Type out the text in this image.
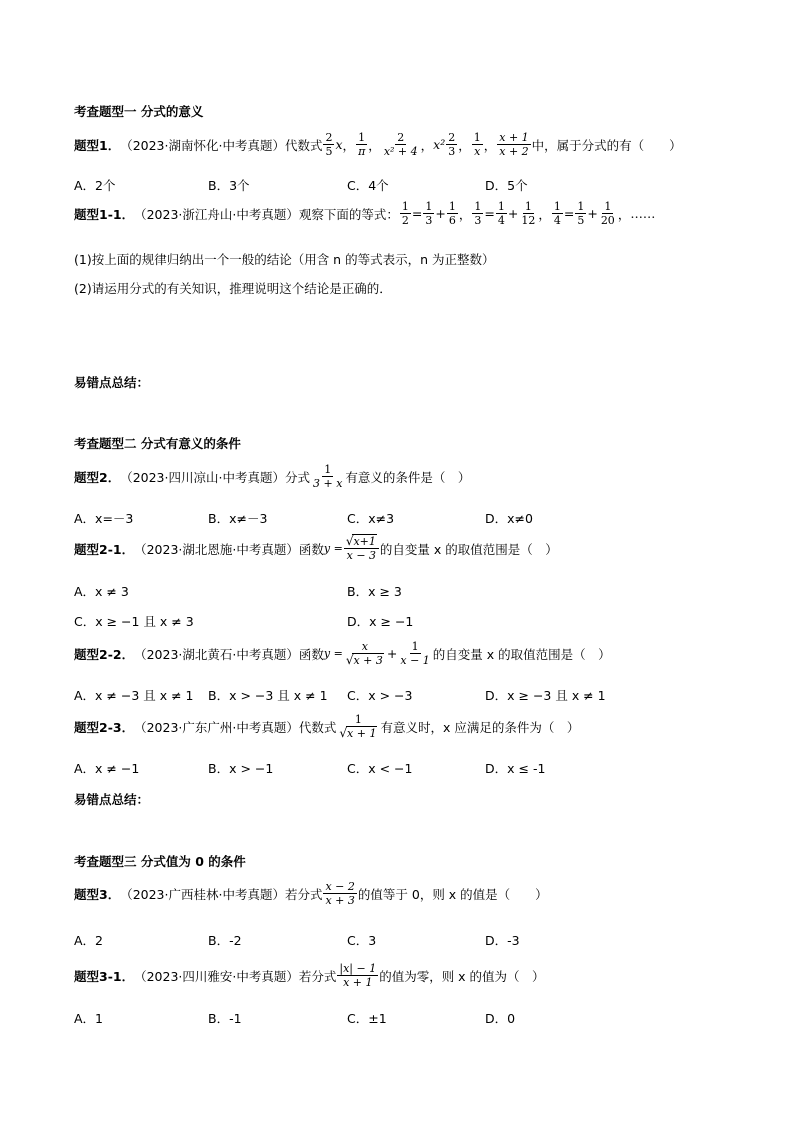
考查题型一 分式的意义
题型1． （2023·湖南怀化·中考真题） 代数式 $\frac{2}{5}$ x ， $\frac{1}{\pi}$ ， $\frac{2}{\text{x² + 4}}$ ， $x^2 \frac{2}{3}$ ， $\frac{1}{x}$ ， $\frac{x + 1}{x + 2}$ 中，属于分式的有（　　）
A．2个	B．3个	C．4个	D．5个
题型1-1． （2023·浙江舟山·中考真题） 观察下面的等式： $\frac{1}{2} = \frac{1}{3} + \frac{1}{6}$ ， $\frac{1}{3} = \frac{1}{4} + \frac{1}{12}$ ， $\frac{1}{4} = \frac{1}{5} + \frac{1}{20}$ ， ……
(1)按上面的规律归纳出一个一般的结论（用含 n 的等式表示，n 为正整数）
(2)请运用分式的有关知识，推理说明这个结论是正确的．
易错点总结：
考查题型二 分式有意义的条件
题型2． （2023·四川凉山·中考真题） 分式 $\frac{1}{3 + x}$ 有意义的条件是（　）
A．x=－3	B．x≠－3	C．x≠3	D．x≠0
题型2-1． （2023·湖北恩施·中考真题） 函数 $y = \frac{√x+1}{x - 3}$ 的自变量 x 的取值范围是（　）
A．x ≠ 3	B．x ≥ 3
C．x ≥ −1 且 x ≠ 3	D．x ≥ −1
题型2-2． （2023·湖北黄石·中考真题） 函数 $y = \frac{x}{√x + 3} + \frac{1}{x - 1}$ 的自变量 x 的取值范围是（　）
A．x ≠ −3 且 x ≠ 1 B．x > −3 且 x ≠ 1 C．x > −3	D．x ≥ −3 且 x ≠ 1
题型2-3． （2023·广东广州·中考真题） 代数式 $\frac{1}{√x + 1}$ 有意义时，x 应满足的条件为（　）
A．x ≠ −1	B．x > −1	C．x < −1	D．x ≤ -1
易错点总结：
考查题型三 分式值为 0 的条件
题型3． （2023·广西桂林·中考真题） 若分式 $\frac{x - 2}{x + 3}$ 的值等于 0，则 x 的值是（　　）
A．2	B．-2	C．3	D．-3
题型3-1． （2023·四川雅安·中考真题） 若分式 $\frac{|x| - 1}{x + 1}$ 的值为零，则 x 的值为（　）
A．1	B．-1	C．±1	D．0
